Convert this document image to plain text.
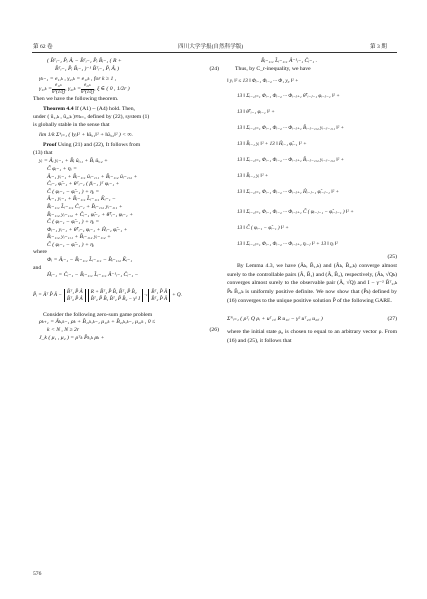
第 62 卷	四川大学学报(自然科学版)	第 3 期
( B̂ᵀᵢ₋₁ P̂ᵢ Âᵢ − B̂ᵀᵢ₋₁ P̂ᵢ B̂ᵢ₋₁ ( R +
B̂ᵀᵢ₋₁ P̂ᵢ B̂ᵢ₋₁ )⁻¹ B̂ᵀᵢ₋₁ P̂ᵢ Âᵢ )	(24)
γₖ₋₁ = e₁,ₖ , γ₂,ₖ = e₁,ₖ , for k ≥ 1 ,
$\gamma_1,_k = \frac{\text{e₁,ₖ}}{k\^{}(1/\xi)}$ , $\gamma_2,_k = \frac{\text{e₂,ₖ}}{k\^{}(1/\xi)}$ , ξ ∈ ( 0 , 1/2r )
Then we have the following theorem.
Theorem 4.4 If (A1) ~ (A4) hold. Then,
under ( û₁,ₖ , û₂,ₖ )∞ₖ₌₁ defined by (22), system (1)
is globally stable in the sense that
lim 1/k Σᵏᵢ₌₁ ( ‖yᵢ‖² + ‖ûᵢ,₁‖² + ‖ûᵢ,₂‖² ) < ∞.
Proof Using (21) and (22), It follows from
(13) that
yᵢ = Âᵢ yᵢ₋₁ + B̂ᵢ ûᵢ,₁ + B̂ᵢ ûᵢ,₂ +
C̃ φᵢ₋₁ + ηᵢ =
Âᵢ₋₁ yᵢ₋₁ + B̂ᵢ₋₁,₁ ûᵢ₋₁,₁ + B̂ᵢ₋₁,₂ ûᵢ₋₁,₂ +
Ĉᵢ₋₁ φ̂ᵢ₋₁ + θᵀᵢ₋₁ ( βᵢ₋₁ )ᵀ φᵢ₋₁ +
C̃ ( φᵢ₋₁ − φ̂ᵢ₋₁ ) + ηᵢ =
Âᵢ₋₁ yᵢ₋₁ + B̂ᵢ₋₁,₁ L̂ᵢ₋₁,₁ K̂ᵢ₋₁ −
B̂ᵢ₋₁,₁ L̂ᵢ₋₁,₁ Ĉᵢ₋₁ + B̂ᵢ₋₁,₂ yᵢ₋₁,₁ +
B̂ᵢ₋₁,₂ yᵢ₋₁,₂ + Ĉᵢ₋₁ φ̂ᵢ₋₁ + θ̃ᵀᵢ₋₁ φᵢ₋₁ +
C̃ ( φᵢ₋₁ − φ̂ᵢ₋₁ ) + ηᵢ =
Φᵢ₋₁ yᵢ₋₁ + θ̃ᵀᵢ₋₁ φᵢ₋₁ + Ĥᵢ₋₁ φ̂ᵢ₋₁ +
B̂ᵢ₋₁,₂ yᵢ₋₁,₁ + B̂ᵢ₋₁,₂ yᵢ₋₁,₂ +
C̃ ( φᵢ₋₁ − φ̂ᵢ₋₁ ) + ηᵢ
where
Φᵢ = Âᵢ₋₁ − B̂ᵢ₋₁,₁ L̂ᵢ₋₁,₁ − B̂ᵢ₋₁,₂ K̂ᵢ₋₁
and
Ĥᵢ₋₁ = Ĉᵢ₋₁ − B̂ᵢ₋₁,₁ L̂ᵢ₋₁,₁ Â⁻¹ᵢ₋₁ Ĉᵢ₋₁ −
P̂ᵢ = Âᵀ P̂ Â −
B̂ᵀ₁ P̂ Â
B̂ᵀ₂ P̂ Â
R + B̂ᵀ₁ P̂ B̂₁ B̂ᵀ₁ P̂ B̂₂
B̂ᵀ₂ P̂ B̂₁ B̂ᵀ₂ P̂ B̂₂ − γ² I
⁻¹
B̂ᵀ₁ P̂ Â
B̂ᵀ₂ P̂ Â
+ Q.
Consider the following zero-sum game problem
ρₖ₊₁ = Âₖ,ₖ₋₁ ρₖ + B̂₁,ₖ,ₖ₋₁ μ₁,ₖ + B̂₂,ₖ,ₖ₋₁ μ₂,ₖ , 0 ≤
k < N , N ≥ 2r	(26)
J_k ( μ₁ , μ₂ ) = ρᵀₖ P̂ₖ,ₖ ρₖ +
B̂ᵢ₋₁,₁ L̂ᵢ₋₁,₁ Â⁻¹ᵢ₋₁ Ĉᵢ₋₁ .
Thus, by C_r-inequality, we have
‖ yᵢ ‖² ≤ 13 ‖ Φᵢ₋₁ Φᵢ₋₂ ··· Φ₁ y₀ ‖² +
13 ‖ Σᵢ₋₁ⱼ₌₁ Φᵢ₋₁ Φᵢ₋₂ ··· Φᵢ₋ⱼ₊₁ θ̃ᵀᵢ₋ⱼ₋₁ φᵢ₋ⱼ₋₁ ‖² +
13 ‖ θ̃ᵀᵢ₋₁ φᵢ₋₁ ‖² +
13 ‖ Σᵢ₋₁ⱼ₌₁ Φᵢ₋₁ Φᵢ₋₂ ··· Φᵢ₋ⱼ₊₁ B̂ᵢ₋ⱼ₋₁,₂ yᵢ₋ⱼ₋₁,₁ ‖² +
13 ‖ B̂ᵢ₋₁ yᵢ ‖² + 13 ‖ Ĥᵢ₋₁ φ̂ᵢ₋₁ ‖² +
13 ‖ Σᵢ₋₁ⱼ₌₁ Φᵢ₋₁ Φᵢ₋₂ ··· Φᵢ₋ⱼ₊₁ B̂ᵢ₋ⱼ₋₁,₂ yᵢ₋ⱼ₋₁,₂ ‖² +
13 ‖ B̂ᵢ₋₁ yᵢ ‖² +
13 ‖ Σᵢ₋₁ⱼ₌₁ Φᵢ₋₁ Φᵢ₋₂ ··· Φᵢ₋ⱼ₊₁ Ĥᵢ₋ⱼ₋₁ φ̂ᵢ₋ⱼ₋₁ ‖² +
13 ‖ Σᵢ₋₁ⱼ₌₁ Φᵢ₋₁ Φᵢ₋₂ ··· Φᵢ₋ⱼ₊₁ C̃ ( φᵢ₋ⱼ₋₁ − φ̂ᵢ₋ⱼ₋₁ ) ‖² +
13 ‖ C̃ ( φᵢ₋₁ − φ̂ᵢ₋₁ ) ‖² +
13 ‖ Σᵢ₋₁ⱼ₌₁ Φᵢ₋₁ Φᵢ₋₂ ··· Φᵢ₋ⱼ₊₁ ηᵢ₋ⱼ ‖² + 13 ‖ ηᵢ ‖²
(25)
By Lemma 4.3, we have (Âₖ, B̂₁,ₖ) and (Âₖ, B̂₂,ₖ) converge almost surely to the controllable pairs (Â, B̂₁) and (Â, B̂₂), respectively, (Âₖ, √Qₖ) converges almost surely to the observable pair (Â, √Q) and I − γ⁻² B̂ᵀ₂,ₖ P̂ₖ B̂₂,ₖ is uniformly positive definite. We now show that (P̂ₖ) defined by (16) converges to the unique positive solution P̂ of the following GARE.
Σᴺᵢ₌₁ ( ρᵀᵢ Q ρᵢ + uᵀ₁,ᵢ R u₁,ᵢ − γ² uᵀ₂,ᵢ u₂,ᵢ )	(27)
where the initial state ρ₀ is chosen to equal to an arbitrary vector ρ. From (16) and (25), it follows that
576
